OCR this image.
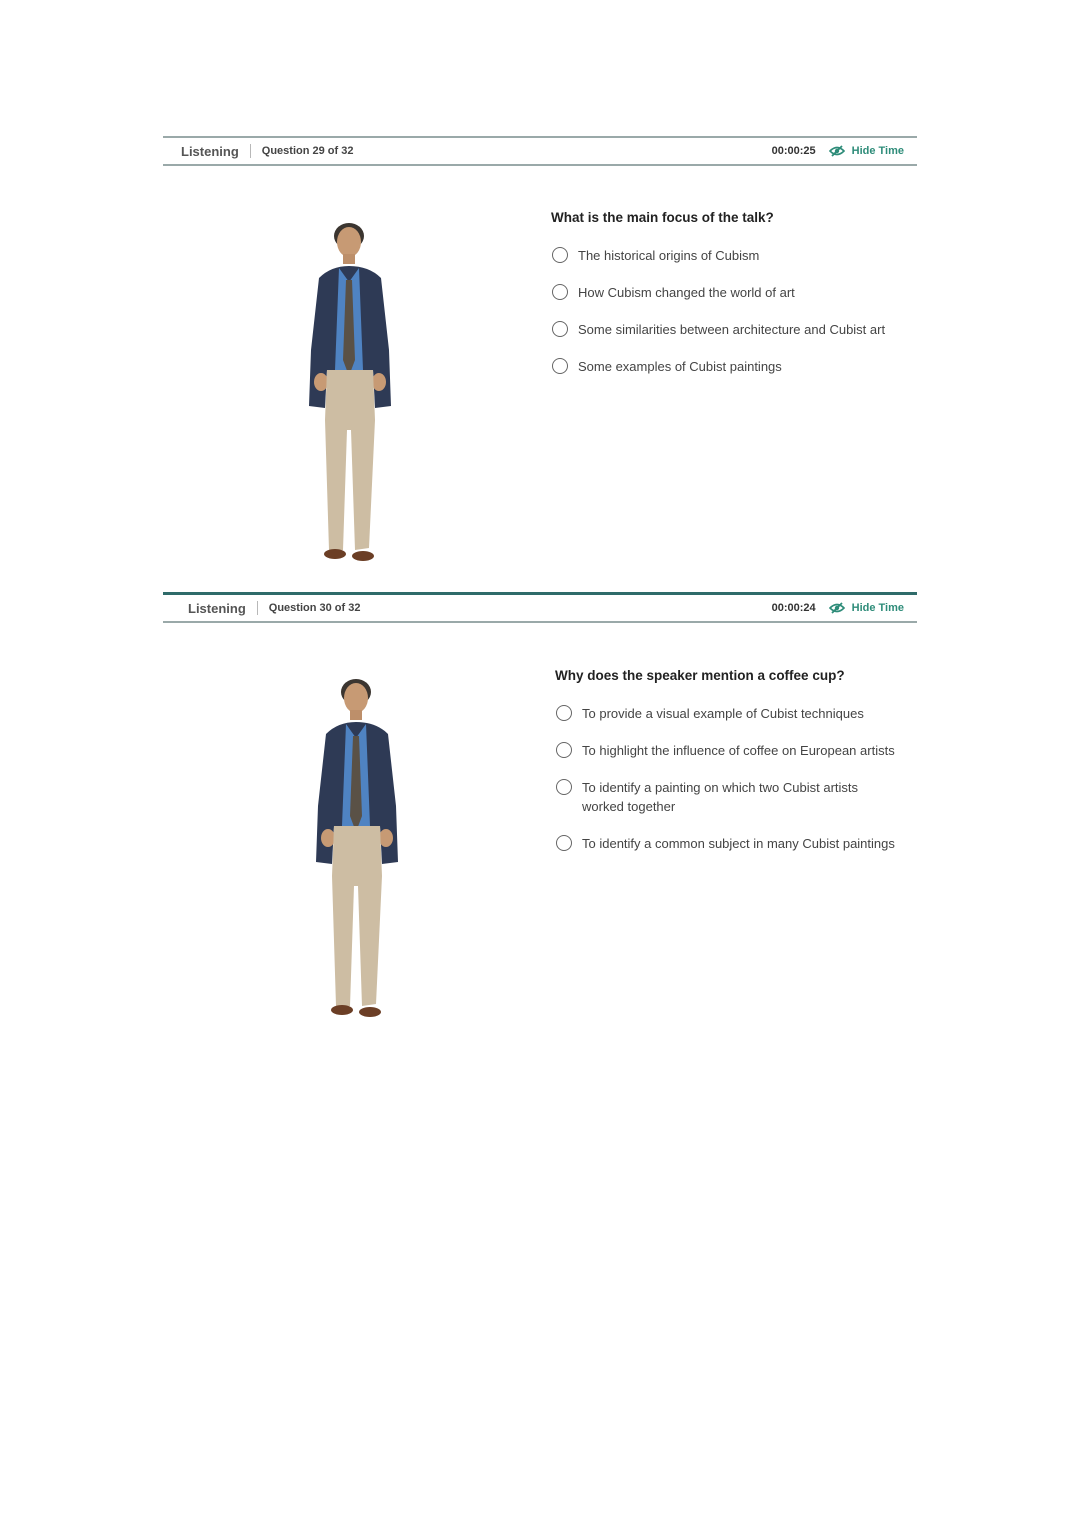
Listening Question 29 of 32	00:00:25	Hide Time
What is the main focus of the talk?
The historical origins of Cubism
How Cubism changed the world of art
Some similarities between architecture and Cubist art
Some examples of Cubist paintings
Listening Question 30 of 32	00:00:24	Hide Time
Why does the speaker mention a coffee cup?
To provide a visual example of Cubist techniques
To highlight the influence of coffee on European artists
To identify a painting on which two Cubist artists worked together
To identify a common subject in many Cubist paintings
